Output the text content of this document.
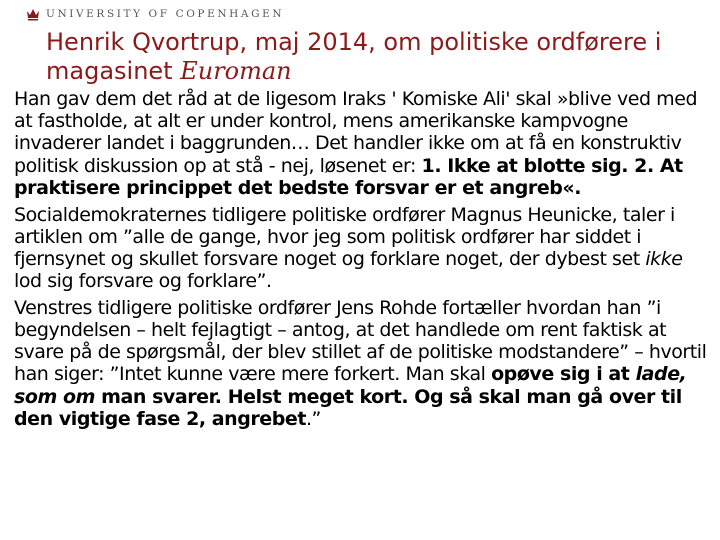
UNIVERSITY OF COPENHAGEN
Henrik Qvortrup, maj 2014, om politiske ordførere i magasinet Euroman

Han gav dem det råd at de ligesom Iraks ' Komiske Ali' skal »blive ved med at fastholde, at alt er under kontrol, mens amerikanske kampvogne invaderer landet i baggrunden… Det handler ikke om at få en konstruktiv politisk diskussion op at stå - nej, løsenet er: 1. Ikke at blotte sig. 2. At praktisere princippet det bedste forsvar er et angreb«.

Socialdemokraternes tidligere politiske ordfører Magnus Heunicke, taler i artiklen om ”alle de gange, hvor jeg som politisk ordfører har siddet i fjernsynet og skullet forsvare noget og forklare noget, der dybest set ikke lod sig forsvare og forklare”.

Venstres tidligere politiske ordfører Jens Rohde fortæller hvordan han ”i begyndelsen – helt fejlagtigt – antog, at det handlede om rent faktisk at svare på de spørgsmål, der blev stillet af de politiske modstandere” – hvortil han siger: ”Intet kunne være mere forkert. Man skal opøve sig i at lade, som om man svarer. Helst meget kort. Og så skal man gå over til den vigtige fase 2, angrebet.”
